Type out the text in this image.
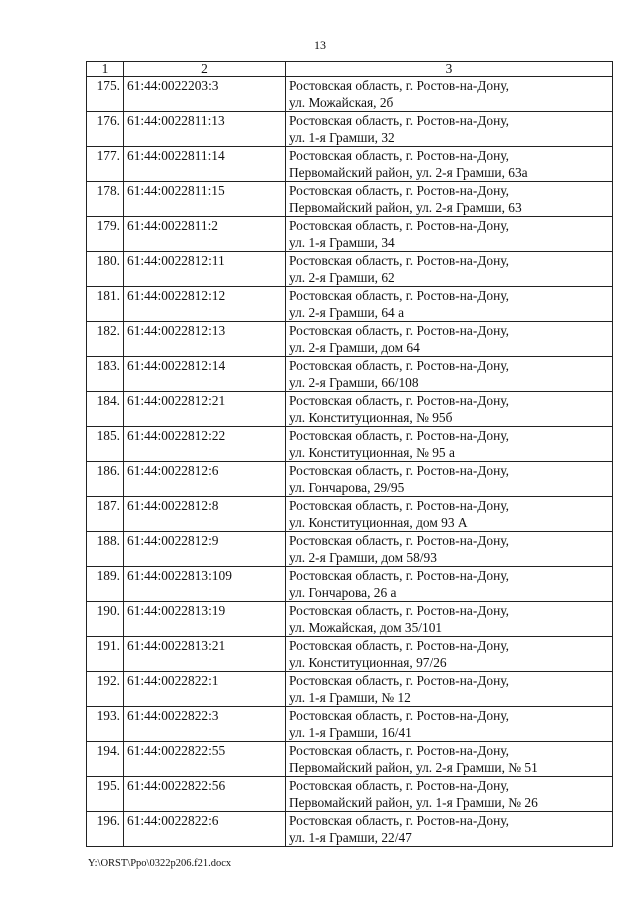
13
1	2	3
175.	61:44:0022203:3	Ростовская область, г. Ростов-на-Дону,
ул. Можайская, 2б

176.	61:44:0022811:13	Ростовская область, г. Ростов-на-Дону,
ул. 1-я Грамши, 32

177.	61:44:0022811:14	Ростовская область, г. Ростов-на-Дону,
Первомайский район, ул. 2-я Грамши, 63а

178.	61:44:0022811:15	Ростовская область, г. Ростов-на-Дону,
Первомайский район, ул. 2-я Грамши, 63

179.	61:44:0022811:2	Ростовская область, г. Ростов-на-Дону,
ул. 1-я Грамши, 34

180.	61:44:0022812:11	Ростовская область, г. Ростов-на-Дону,
ул. 2-я Грамши, 62

181.	61:44:0022812:12	Ростовская область, г. Ростов-на-Дону,
ул. 2-я Грамши, 64 а

182.	61:44:0022812:13	Ростовская область, г. Ростов-на-Дону,
ул. 2-я Грамши, дом 64

183.	61:44:0022812:14	Ростовская область, г. Ростов-на-Дону,
ул. 2-я Грамши, 66/108

184.	61:44:0022812:21	Ростовская область, г. Ростов-на-Дону,
ул. Конституционная, № 95б

185.	61:44:0022812:22	Ростовская область, г. Ростов-на-Дону,
ул. Конституционная, № 95 а

186.	61:44:0022812:6	Ростовская область, г. Ростов-на-Дону,
ул. Гончарова, 29/95

187.	61:44:0022812:8	Ростовская область, г. Ростов-на-Дону,
ул. Конституционная, дом 93 А

188.	61:44:0022812:9	Ростовская область, г. Ростов-на-Дону,
ул. 2-я Грамши, дом 58/93

189.	61:44:0022813:109	Ростовская область, г. Ростов-на-Дону,
ул. Гончарова, 26 а

190.	61:44:0022813:19	Ростовская область, г. Ростов-на-Дону,
ул. Можайская, дом 35/101

191.	61:44:0022813:21	Ростовская область, г. Ростов-на-Дону,
ул. Конституционная, 97/26

192.	61:44:0022822:1	Ростовская область, г. Ростов-на-Дону,
ул. 1-я Грамши, № 12

193.	61:44:0022822:3	Ростовская область, г. Ростов-на-Дону,
ул. 1-я Грамши, 16/41

194.	61:44:0022822:55	Ростовская область, г. Ростов-на-Дону,
Первомайский район, ул. 2-я Грамши, № 51

195.	61:44:0022822:56	Ростовская область, г. Ростов-на-Дону,
Первомайский район, ул. 1-я Грамши, № 26

196.	61:44:0022822:6	Ростовская область, г. Ростов-на-Дону,
ул. 1-я Грамши, 22/47
Y:\ORST\Ppo\0322p206.f21.docx
